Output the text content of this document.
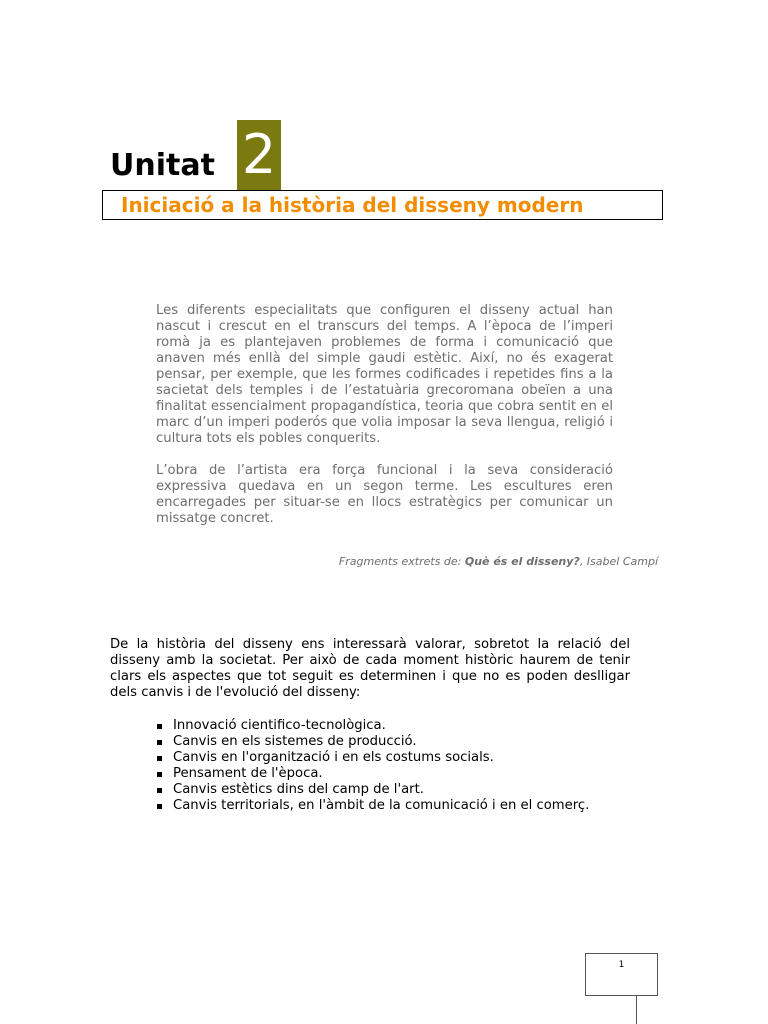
Unitat 2
Iniciació a la història del disseny modern

Les diferents especialitats que configuren el disseny actual han nascut i crescut en el transcurs del temps. A l’època de l’imperi romà ja es plantejaven problemes de forma i comunicació que anaven més enllà del simple gaudi estètic. Així, no és exagerat pensar, per exemple, que les formes codificades i repetides fins a la sacietat dels temples i de l’estatuària grecoromana obeïen a una finalitat essencialment propagandística, teoria que cobra sentit en el marc d’un imperi poderós que volia imposar la seva llengua, religió i cultura tots els pobles conquerits.

L’obra de l’artista era força funcional i la seva consideració expressiva quedava en un segon terme. Les escultures eren encarregades per situar-se en llocs estratègics per comunicar un missatge concret.

Fragments extrets de: Què és el disseny?, Isabel Campí

De la història del disseny ens interessarà valorar, sobretot la relació del disseny amb la societat. Per això de cada moment històric haurem de tenir clars els aspectes que tot seguit es determinen i que no es poden deslligar dels canvis i de l'evolució del disseny:

Innovació cientifico-tecnològica.
Canvis en els sistemes de producció.
Canvis en l'organització i en els costums socials.
Pensament de l'època.
Canvis estètics dins del camp de l'art.
Canvis territorials, en l'àmbit de la comunicació i en el comerç.
1
